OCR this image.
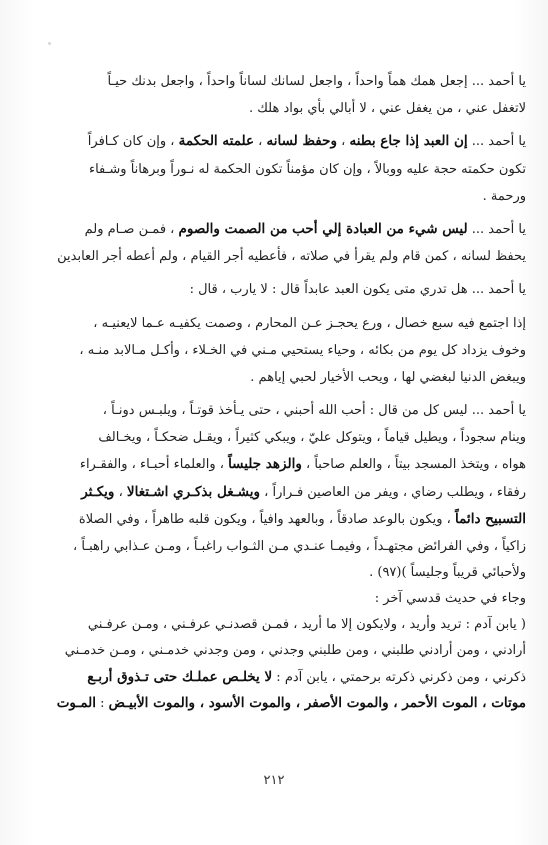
يا أحمد ... إجعل همك هماً واحداً ، واجعل لسانك لساناً واحداً ، واجعل بدنك حيـاً
لاتغفل عني ، من يغفل عني ، لا أبالي بأي بواد هلك .
يا أحمد ... إن العبد إذا جاع بطنه ، وحفظ لسانه ، علمته الحكمة ، وإن كان كـافراً
تكون حكمته حجة عليه ووبالاً ، وإن كان مؤمناً تكون الحكمة له نـوراً وبرهاناً وشـفاء
ورحمة .
يا أحمد ... ليس شيء من العبادة إلي أحب من الصمت والصوم ، فمـن صـام ولم
يحفظ لسانه ، كمن قام ولم يقرأ في صلاته ، فأعطيه أجر القيام ، ولم أعطه أجر العابدين
يا أحمد ... هل تدري متى يكون العبد عابداً قال : لا يارب ، قال :
إذا اجتمع فيه سبع خصال ، ورع يحجـز عـن المحارم ، وصمت يكفيـه عـما لايعنيـه ،
وخوف يزداد كل يوم من بكائه ، وحياء يستحيي مـني في الخـلاء ، وأكـل مـالابد منـه ،
ويبغض الدنيا لبغضي لها ، ويحب الأخيار لحبي إياهم .
يا أحمد ... ليس كل من قال : أحب الله أحبني ، حتى يـأخذ قوتـاً ، ويلبـس دونـاً ،
وينام سجوداً ، ويطيل قياماً ، ويتوكل عليّ ، ويبكي كثيراً ، ويقـل ضحكـاً ، ويخـالف
هواه ، ويتخذ المسجد بيتاً ، والعلم صاحباً ، والزهد جليساً ، والعلماء أحبـاء ، والفقـراء
رفقاء ، ويطلب رضاي ، ويفر من العاصين فـراراً ، ويشـغل بذكـري اشـتغالا ، ويكـثر
التسبيح دائماً ، ويكون بالوعد صادقاً ، وبالعهد وافياً ، ويكون قلبه طاهراً ، وفي الصلاة
زاكياً ، وفي الفرائض مجتهـداً ، وفيمـا عنـدي مـن الثـواب راغبـاً ، ومـن عـذابي راهبـاً ،
ولأحبائي قريباً وجليساً )(٩٧) .
وجاء في حديث قدسي آخر :
( يابن آدم : تريد وأريد ، ولايكون إلا ما أريد ، فمـن قصدنـي عرفـني ، ومـن عرفـني
أرادني ، ومن أرادني طلبني ، ومن طلبني وجدني ، ومن وجدني خدمـني ، ومـن خدمـني
ذكرني ، ومن ذكرني ذكرته برحمتي ، يابن آدم : لا يخلـص عملـك حتى تـذوق أربـع
موتات ، الموت الأحمر ، والموت الأصفر ، والموت الأسود ، والموت الأبيـض : المـوت
٢١٢
